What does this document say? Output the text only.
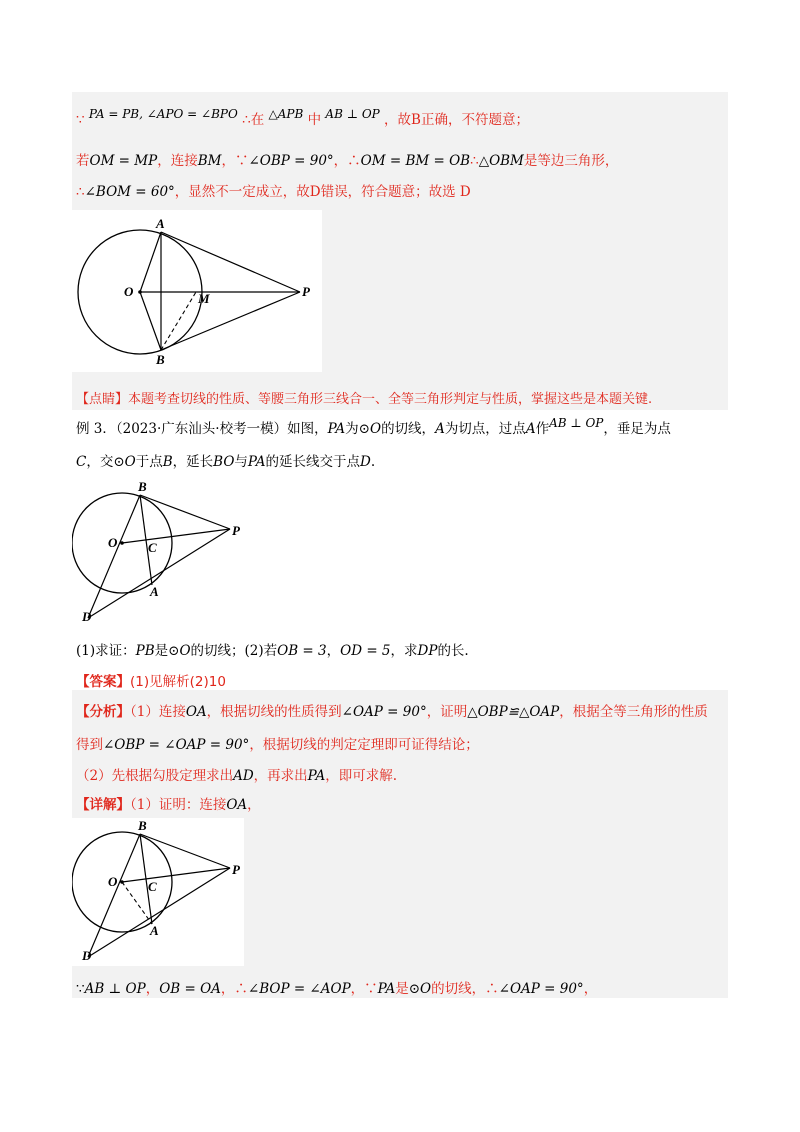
∵ PA = PB, ∠APO = ∠BPO ∴在 △APB 中 AB ⊥ OP ，故B正确，不符题意；
若OM = MP，连接BM，∵∠OBP = 90°，∴OM = BM = OB∴△OBM是等边三角形，
∴∠BOM = 60°，显然不一定成立，故D错误，符合题意；故选 D
A
O	M	P
B
【点睛】本题考查切线的性质、等腰三角形三线合一、全等三角形判定与性质，掌握这些是本题关键.
例 3．（2023·广东汕头·校考一模）如图，PA为⊙O的切线，A为切点，过点A作AB ⊥ OP，垂足为点
C，交⊙O于点B，延长BO与PA的延长线交于点D.
B
O C
P
A
D
(1)求证：PB是⊙O的切线；(2)若OB = 3，OD = 5，求DP的长.
【答案】(1)见解析(2)10
【分析】（1）连接OA，根据切线的性质得到∠OAP = 90°，证明△OBP≌△OAP，根据全等三角形的性质
得到∠OBP = ∠OAP = 90°，根据切线的判定定理即可证得结论；
（2）先根据勾股定理求出AD，再求出PA，即可求解.
【详解】（1）证明：连接OA，
B
O C
P
A
D
∵AB ⊥ OP，OB = OA，∴∠BOP = ∠AOP，∵PA是⊙O的切线，∴∠OAP = 90°，
